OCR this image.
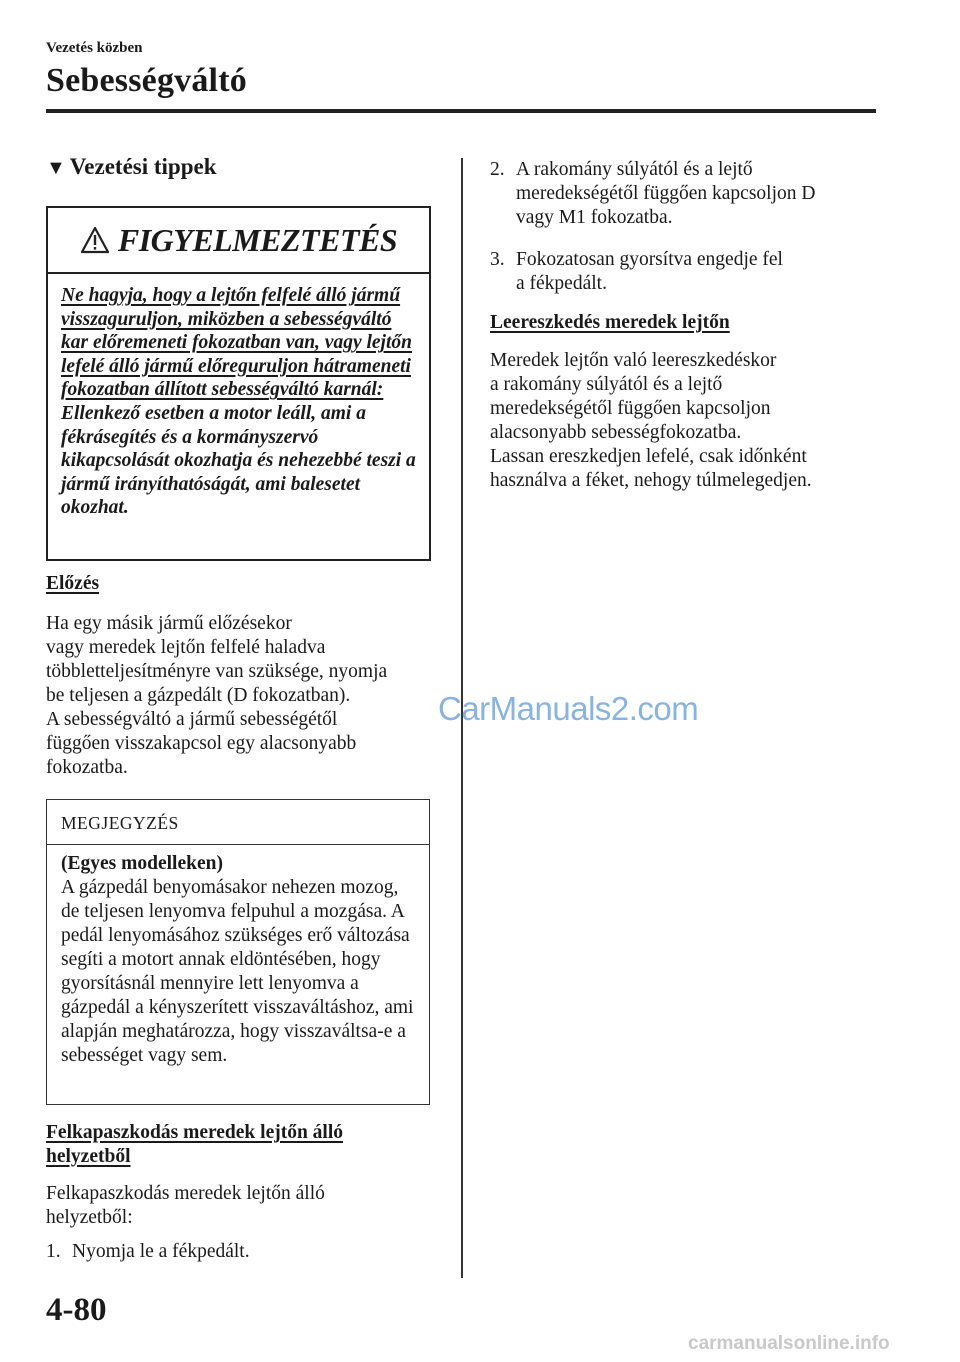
Vezetés közben
Sebességváltó
▼ Vezetési tippek
FIGYELMEZTETÉS
Ne hagyja, hogy a lejtőn felfelé álló jármű visszaguruljon, miközben a sebességváltó kar előremeneti fokozatban van, vagy lejtőn lefelé álló jármű előreguruljon hátrameneti fokozatban állított sebességváltó karnál: Ellenkező esetben a motor leáll, ami a fékrásegítés és a kormányszervó kikapcsolását okozhatja és nehezebbé teszi a jármű irányíthatóságát, ami balesetet okozhat.
Előzés
Ha egy másik jármű előzésekor
vagy meredek lejtőn felfelé haladva
többletteljesítményre van szüksége, nyomja
be teljesen a gázpedált (D fokozatban).
A sebességváltó a jármű sebességétől
függően visszakapcsol egy alacsonyabb
fokozatba.
MEGJEGYZÉS
(Egyes modelleken)
A gázpedál benyomásakor nehezen mozog, de teljesen lenyomva felpuhul a mozgása. A pedál lenyomásához szükséges erő változása segíti a motort annak eldöntésében, hogy gyorsításnál mennyire lett lenyomva a gázpedál a kényszerített visszaváltáshoz, ami alapján meghatározza, hogy visszaváltsa-e a sebességet vagy sem.
Felkapaszkodás meredek lejtőn álló helyzetből
Felkapaszkodás meredek lejtőn álló
helyzetből:
1. Nyomja le a fékpedált.
2. A rakomány súlyától és a lejtő
meredekségétől függően kapcsoljon D
vagy M1 fokozatba.
3. Fokozatosan gyorsítva engedje fel
a fékpedált.
Leereszkedés meredek lejtőn
Meredek lejtőn való leereszkedéskor
a rakomány súlyától és a lejtő
meredekségétől függően kapcsoljon
alacsonyabb sebességfokozatba.
Lassan ereszkedjen lefelé, csak időnként
használva a féket, nehogy túlmelegedjen.
CarManuals2.com
4-80
carmanualsonline.info
